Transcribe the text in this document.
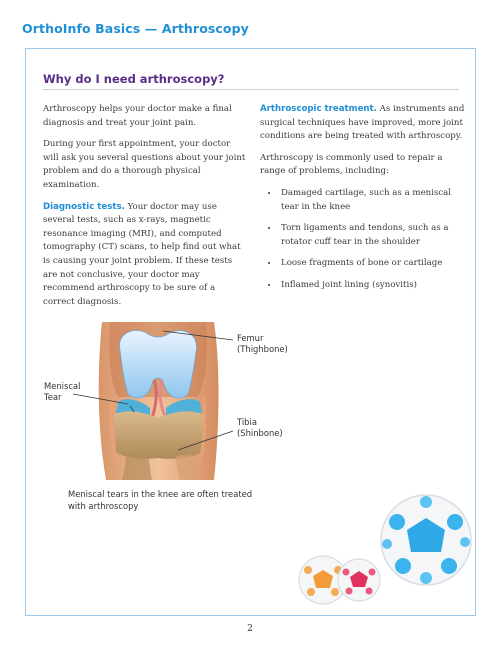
OrthoInfo Basics — Arthroscopy
Why do I need arthroscopy?

Arthroscopy helps your doctor make a final diagnosis and treat your joint pain.

During your first appointment, your doctor will ask you several questions about your joint problem and do a thorough physical examination.

Diagnostic tests. Your doctor may use several tests, such as x-rays, magnetic resonance imaging (MRI), and computed tomography (CT) scans, to help find out what is causing your joint problem. If these tests are not conclusive, your doctor may recommend arthroscopy to be sure of a correct diagnosis.

Arthroscopic treatment. As instruments and surgical techniques have improved, more joint conditions are being treated with arthroscopy.

Arthroscopy is commonly used to repair a range of problems, including:

• Damaged cartilage, such as a meniscal tear in the knee
• Torn ligaments and tendons, such as a rotator cuff tear in the shoulder
• Loose fragments of bone or cartilage
• Inflamed joint lining (synovitis)
Femur
(Thighbone)
Meniscal
Tear
Tibia
(Shinbone)
Meniscal tears in the knee are often treated with arthroscopy
2
